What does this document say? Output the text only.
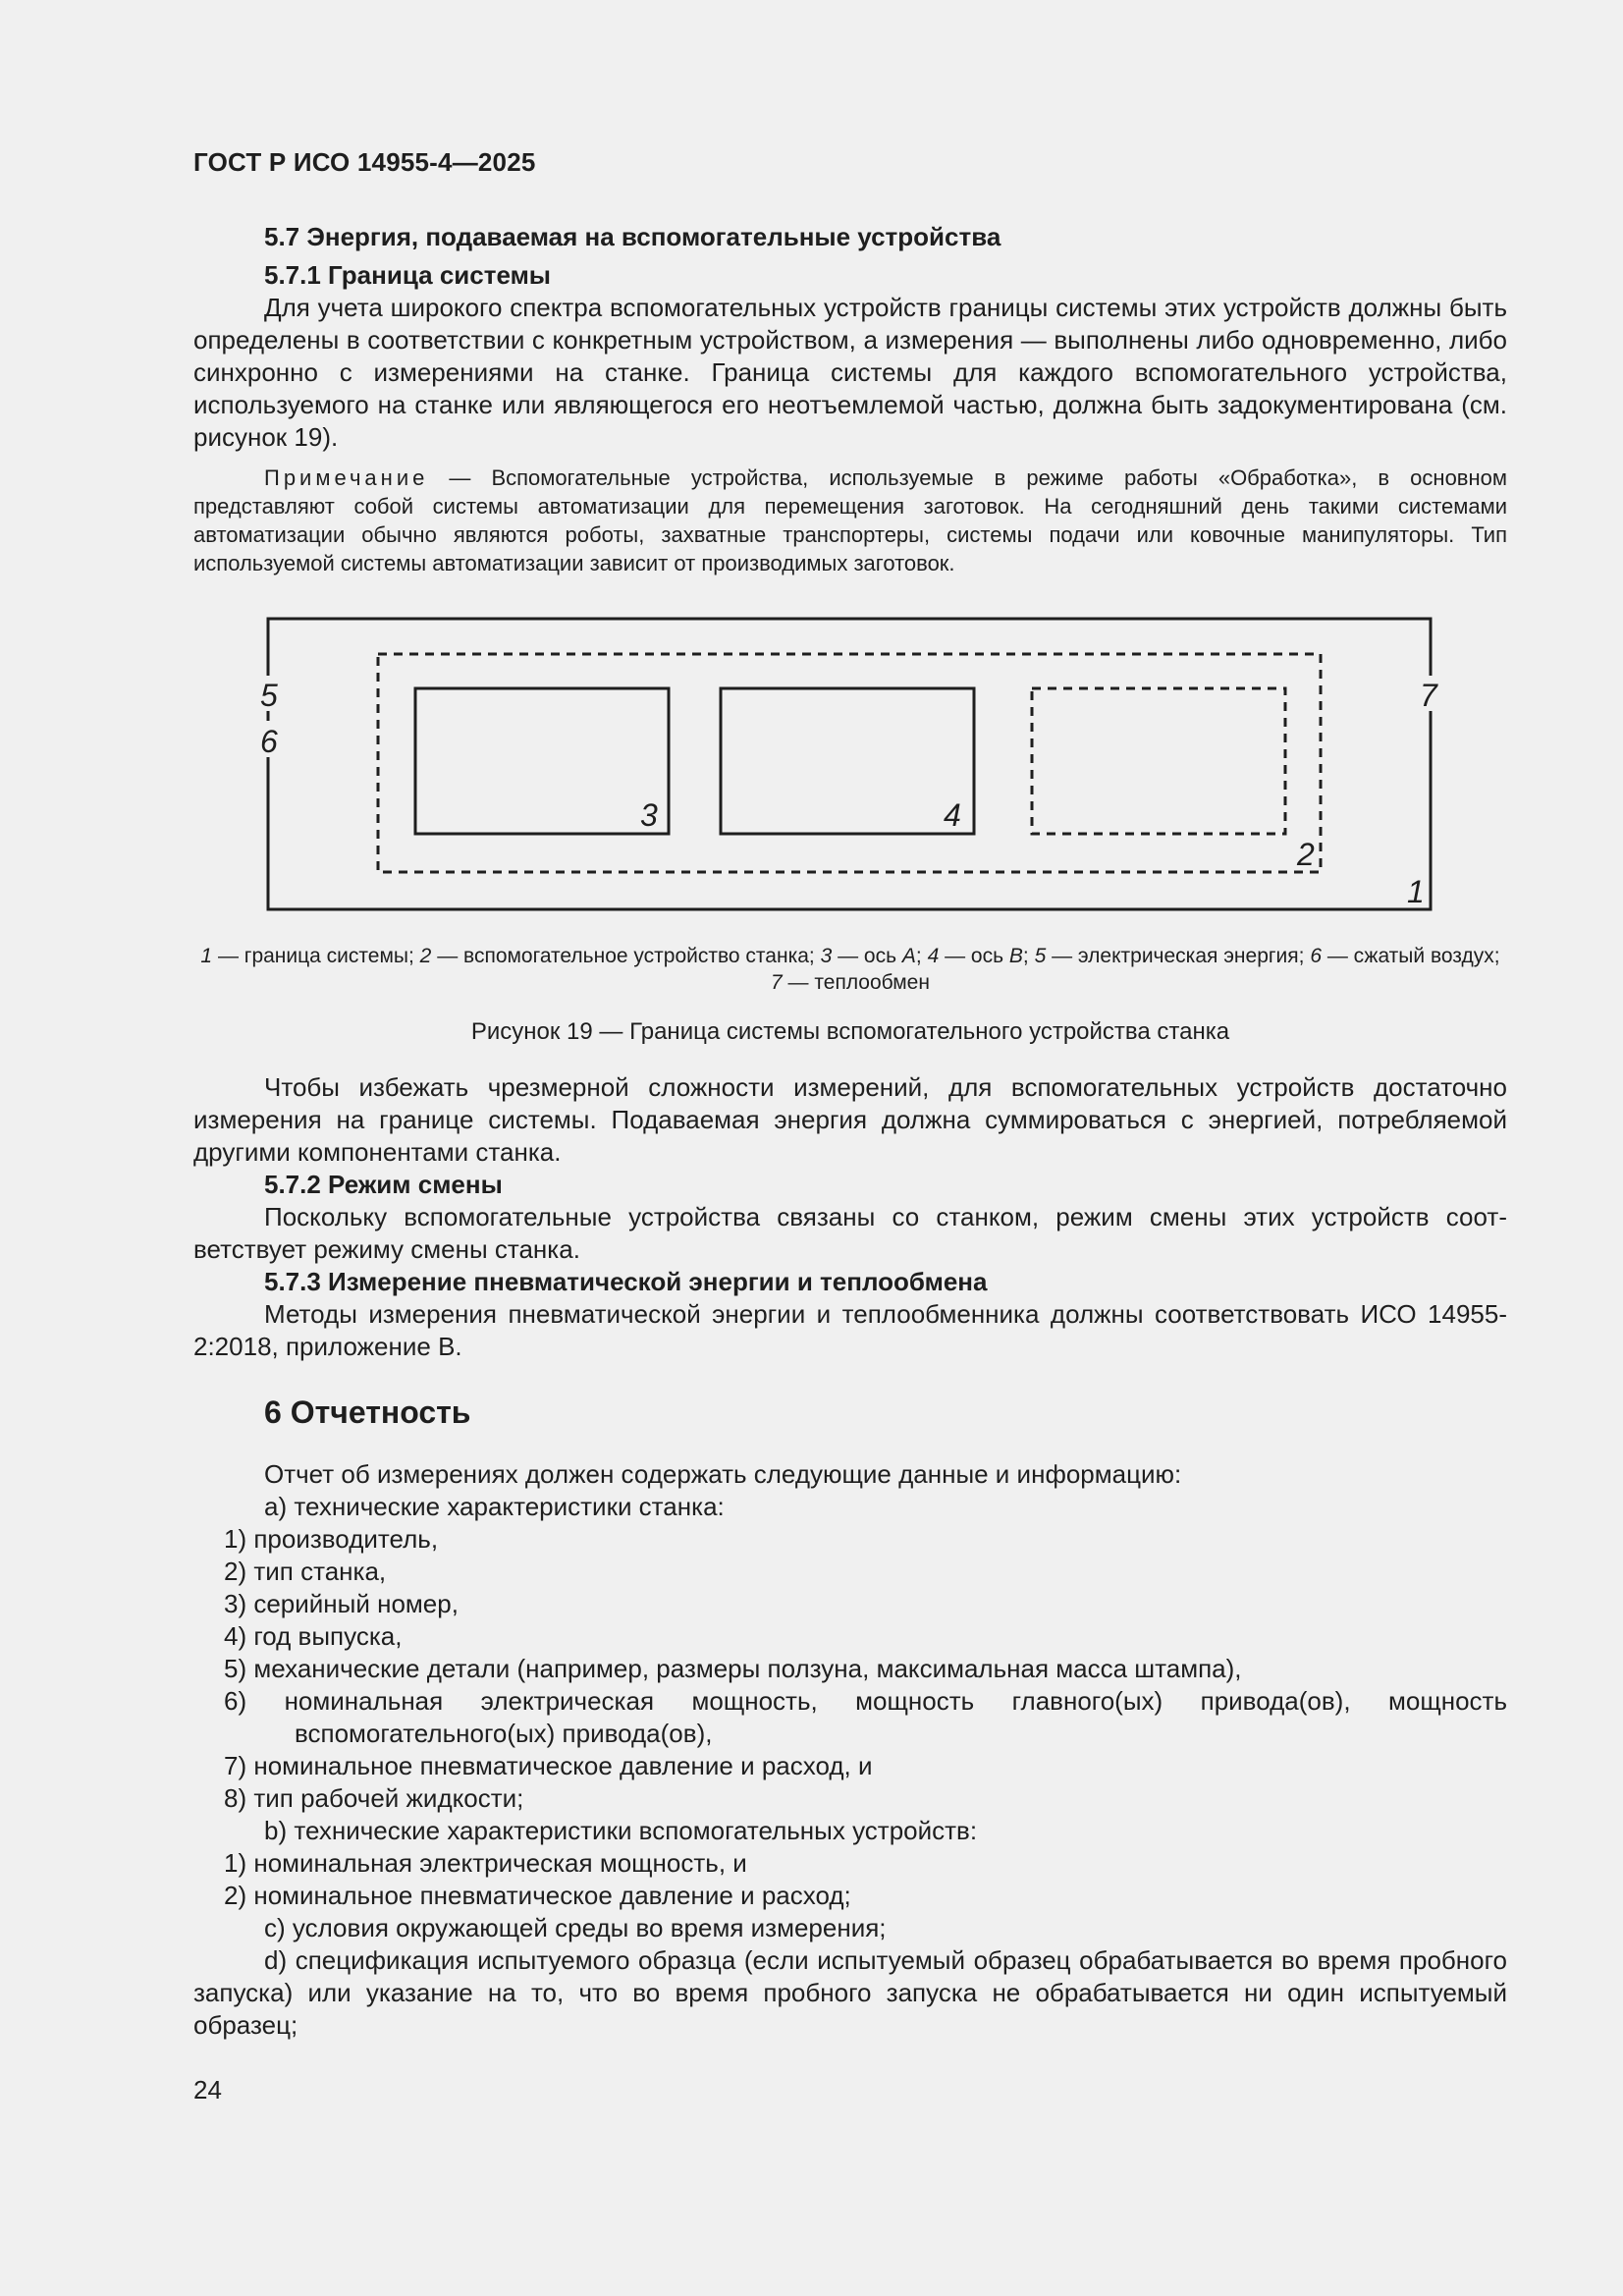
ГОСТ Р ИСО 14955-4—2025
5.7 Энергия, подаваемая на вспомогательные устройства
5.7.1 Граница системы

Для учета широкого спектра вспомогательных устройств границы системы этих устройств должны быть определены в соответствии с конкретным устройством, а измерения — выполнены либо одновременно, либо синхронно с измерениями на станке. Граница системы для каждого вспомогательного устройства, используемого на станке или являющегося его неотъемлемой частью, должна быть задокументирована (см. рисунок 19).

Примечание — Вспомогательные устройства, используемые в режиме работы «Обработка», в основном представляют собой системы автоматизации для перемещения заготовок. На сегодняшний день такими системами автоматизации обычно являются роботы, захватные транспортеры, системы подачи или ковочные манипуляторы. Тип используемой системы автоматизации зависит от производимых заготовок.
1
2
3	4
5
6
7
1 — граница системы; 2 — вспомогательное устройство станка; 3 — ось A; 4 — ось B; 5 — электрическая энергия; 6 — сжатый воздух; 7 — теплообмен
Рисунок 19 — Граница системы вспомогательного устройства станка

Чтобы избежать чрезмерной сложности измерений, для вспомогательных устройств достаточно измерения на границе системы. Подаваемая энергия должна суммироваться с энергией, потребляемой другими компонентами станка.

5.7.2 Режим смены

Поскольку вспомогательные устройства связаны со станком, режим смены этих устройств соответствует режиму смены станка.

5.7.3 Измерение пневматической энергии и теплообмена

Методы измерения пневматической энергии и теплообменника должны соответствовать ИСО 14955-2:2018, приложение В.

6 Отчетность

Отчет об измерениях должен содержать следующие данные и информацию:

а) технические характеристики станка:
1) производитель,
2) тип станка,
3) серийный номер,
4) год выпуска,
5) механические детали (например, размеры ползуна, максимальная масса штампа),
6) номинальная электрическая мощность, мощность главного(ых) привода(ов), мощность вспомогательного(ых) привода(ов),
7) номинальное пневматическое давление и расход, и
8) тип рабочей жидкости;
b) технические характеристики вспомогательных устройств:
1) номинальная электрическая мощность, и
2) номинальное пневматическое давление и расход;
c) условия окружающей среды во время измерения;
d) спецификация испытуемого образца (если испытуемый образец обрабатывается во время пробного запуска) или указание на то, что во время пробного запуска не обрабатывается ни один испытуемый образец;
24
